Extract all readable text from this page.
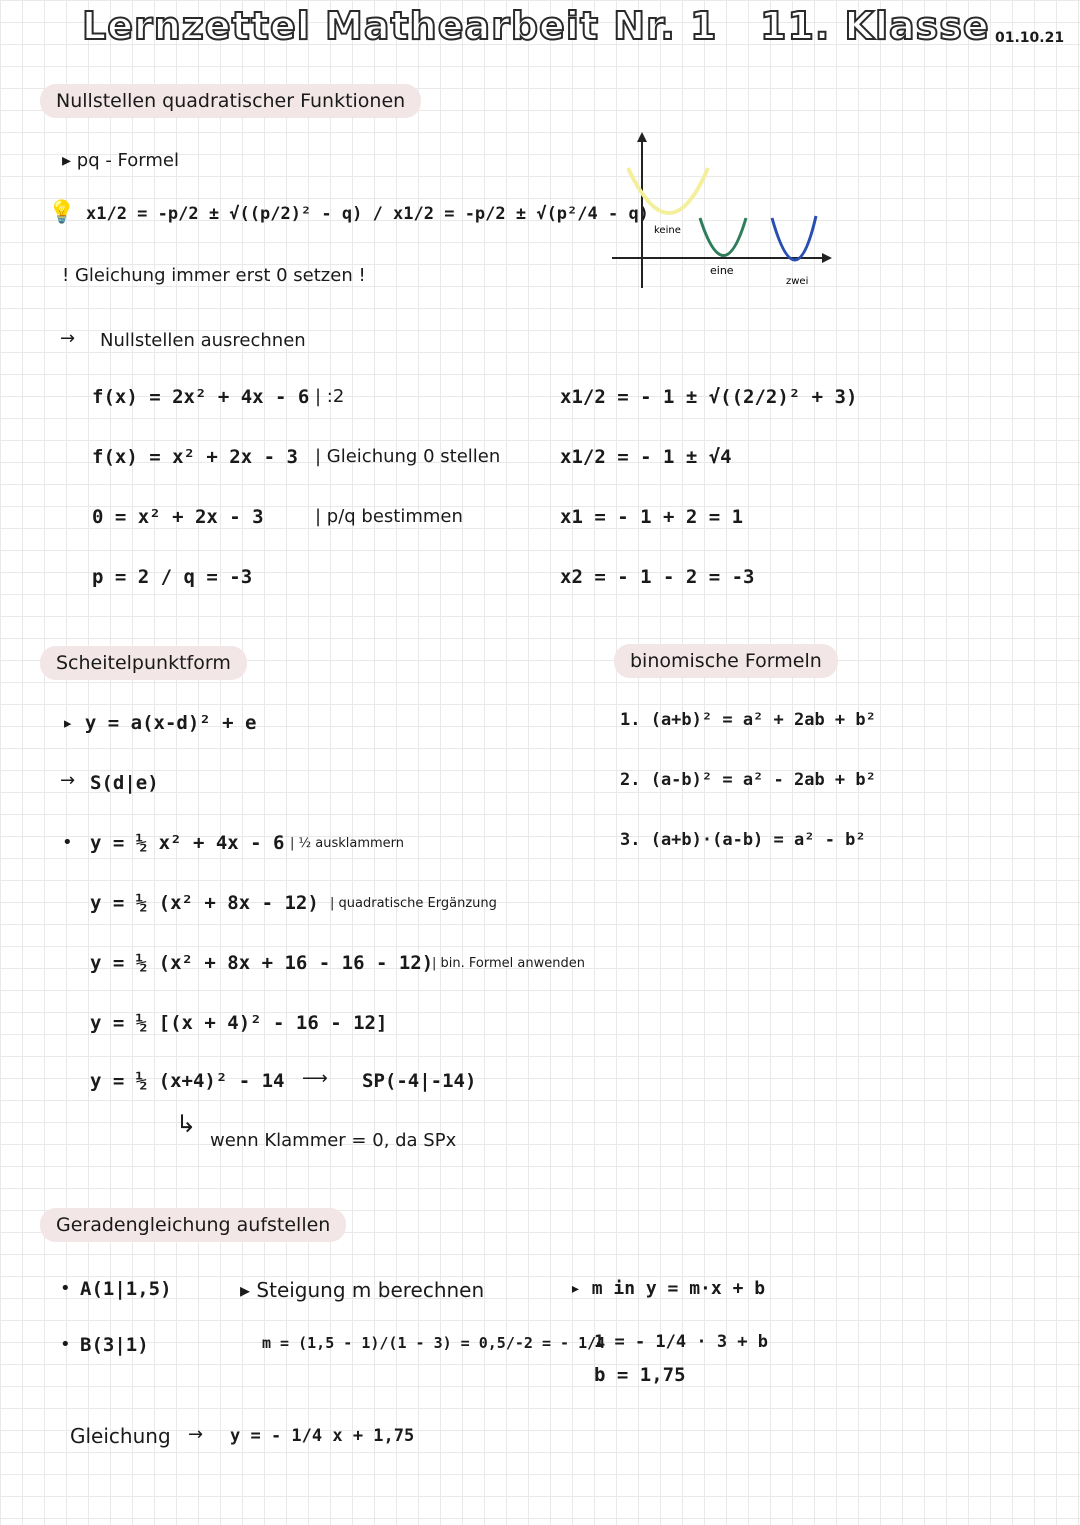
Lernzettel Mathearbeit Nr. 1 11. Klasse 01.10.21
Nullstellen quadratischer Funktionen
▸ pq - Formel
💡 x1/2 = -p/2 ± √((p/2)² - q) / x1/2 = -p/2 ± √(p²/4 - q)
! Gleichung immer erst 0 setzen !
→ Nullstellen ausrechnen
keine
eine
zwei
f(x) = 2x² + 4x - 6 | :2
f(x) = x² + 2x - 3 | Gleichung 0 stellen
0 = x² + 2x - 3	| p/q bestimmen
p = 2 / q = -3
x1/2 = - 1 ± √((2/2)² + 3)
x1/2 = - 1 ± √4
x1 = - 1 + 2 = 1
x2 = - 1 - 2 = -3
Scheitelpunktform
▸ y = a(x-d)² + e
→ S(d|e)
• y = ½ x² + 4x - 6 | ½ ausklammern
y = ½ (x² + 8x - 12) | quadratische Ergänzung
y = ½ (x² + 8x + 16 - 16 - 12)
| bin. Formel anwenden
y = ½ [(x + 4)² - 16 - 12]
y = ½ (x+4)² - 14 ⟶ SP(-4|-14)
↳
wenn Klammer = 0, da SPx
binomische Formeln
1. (a+b)² = a² + 2ab + b²
2. (a-b)² = a² - 2ab + b²
3. (a+b)·(a-b) = a² - b²
Geradengleichung aufstellen
• A(1|1,5)
• B(3|1)
▸ Steigung m berechnen
m = (1,5 - 1)/(1 - 3) = 0,5/-2 = - 1/4
▸ m in y = m·x + b
1 = - 1/4 · 3 + b
b = 1,75
Gleichung → y = - 1/4 x + 1,75
